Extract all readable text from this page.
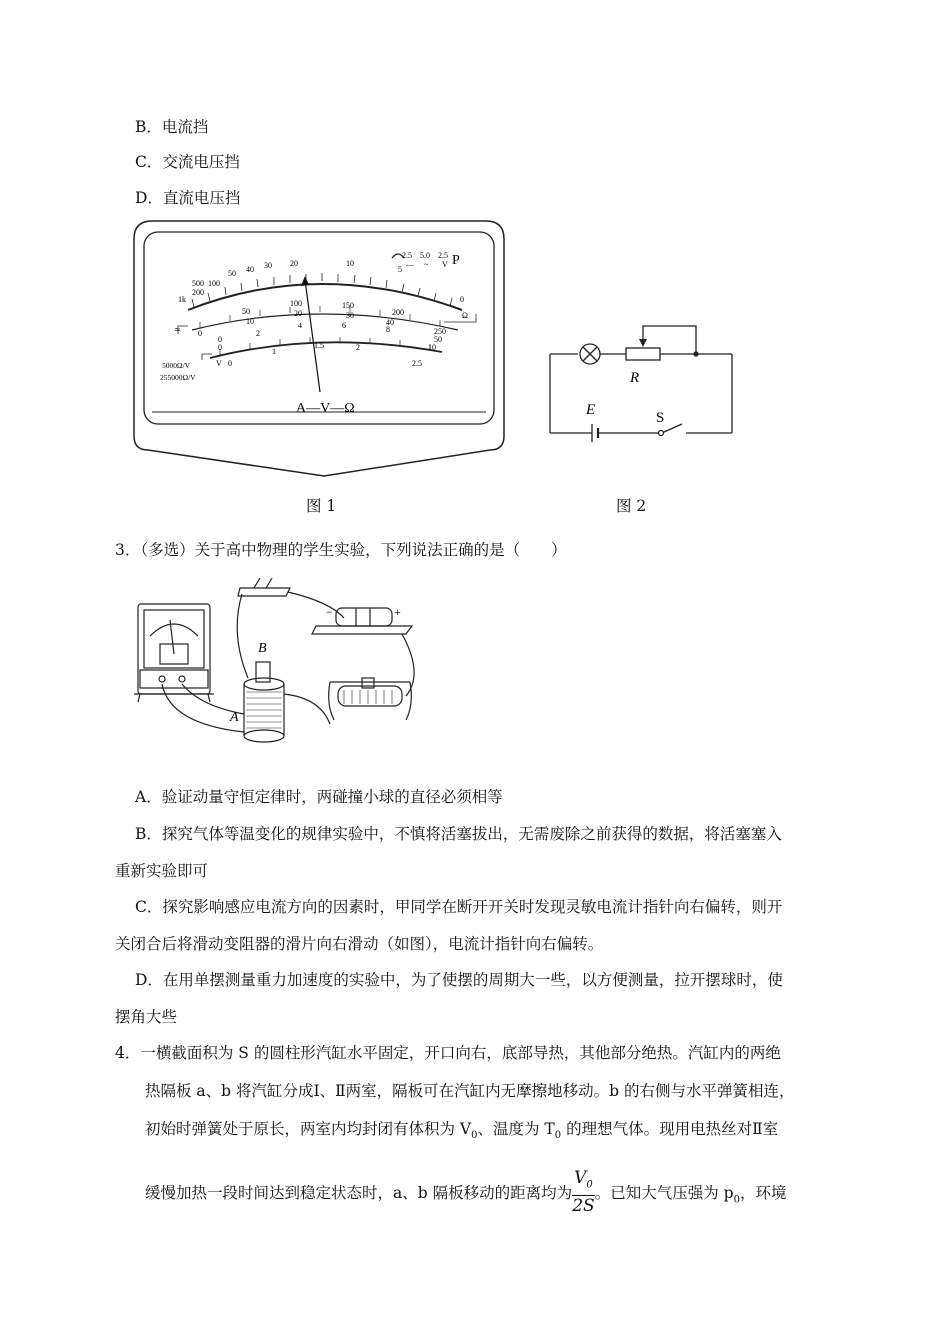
B．电流挡
C．交流电压挡
D．直流电压挡
1k
500
200
100
50 40 30 20	10
5
0
Ω
0
50
100	150
200
250
0
10
20	30
40
50
0
2
4	6	8
10
0
1
1.5	2
2.5
V
≃
5000Ω/V
255000Ω/V
2.5 5.0 2.5
— ~ V P
A—V—Ω
图 1
R
E	S
图 2
3．（多选）关于高中物理的学生实验，下列说法正确的是（　　）
B
A
−	+
A．验证动量守恒定律时，两碰撞小球的直径必须相等
B．探究气体等温变化的规律实验中，不慎将活塞拔出，无需废除之前获得的数据，将活塞塞入
重新实验即可
C．探究影响感应电流方向的因素时，甲同学在断开开关时发现灵敏电流计指针向右偏转，则开
关闭合后将滑动变阻器的滑片向右滑动（如图），电流计指针向右偏转。
D．在用单摆测量重力加速度的实验中，为了使摆的周期大一些，以方便测量，拉开摆球时，使
摆角大些
4．一横截面积为 S 的圆柱形汽缸水平固定，开口向右，底部导热，其他部分绝热。汽缸内的两绝
热隔板 a、b 将汽缸分成Ⅰ、Ⅱ两室，隔板可在汽缸内无摩擦地移动。b 的右侧与水平弹簧相连，
初始时弹簧处于原长，两室内均封闭有体积为 $V_0$、温度为 $T_0$ 的理想气体。现用电热丝对Ⅱ室
缓慢加热一段时间达到稳定状态时，a、b 隔板移动的距离均为 $\frac{V_0}{2S}$ 。已知大气压强为 $p_0$，环境
